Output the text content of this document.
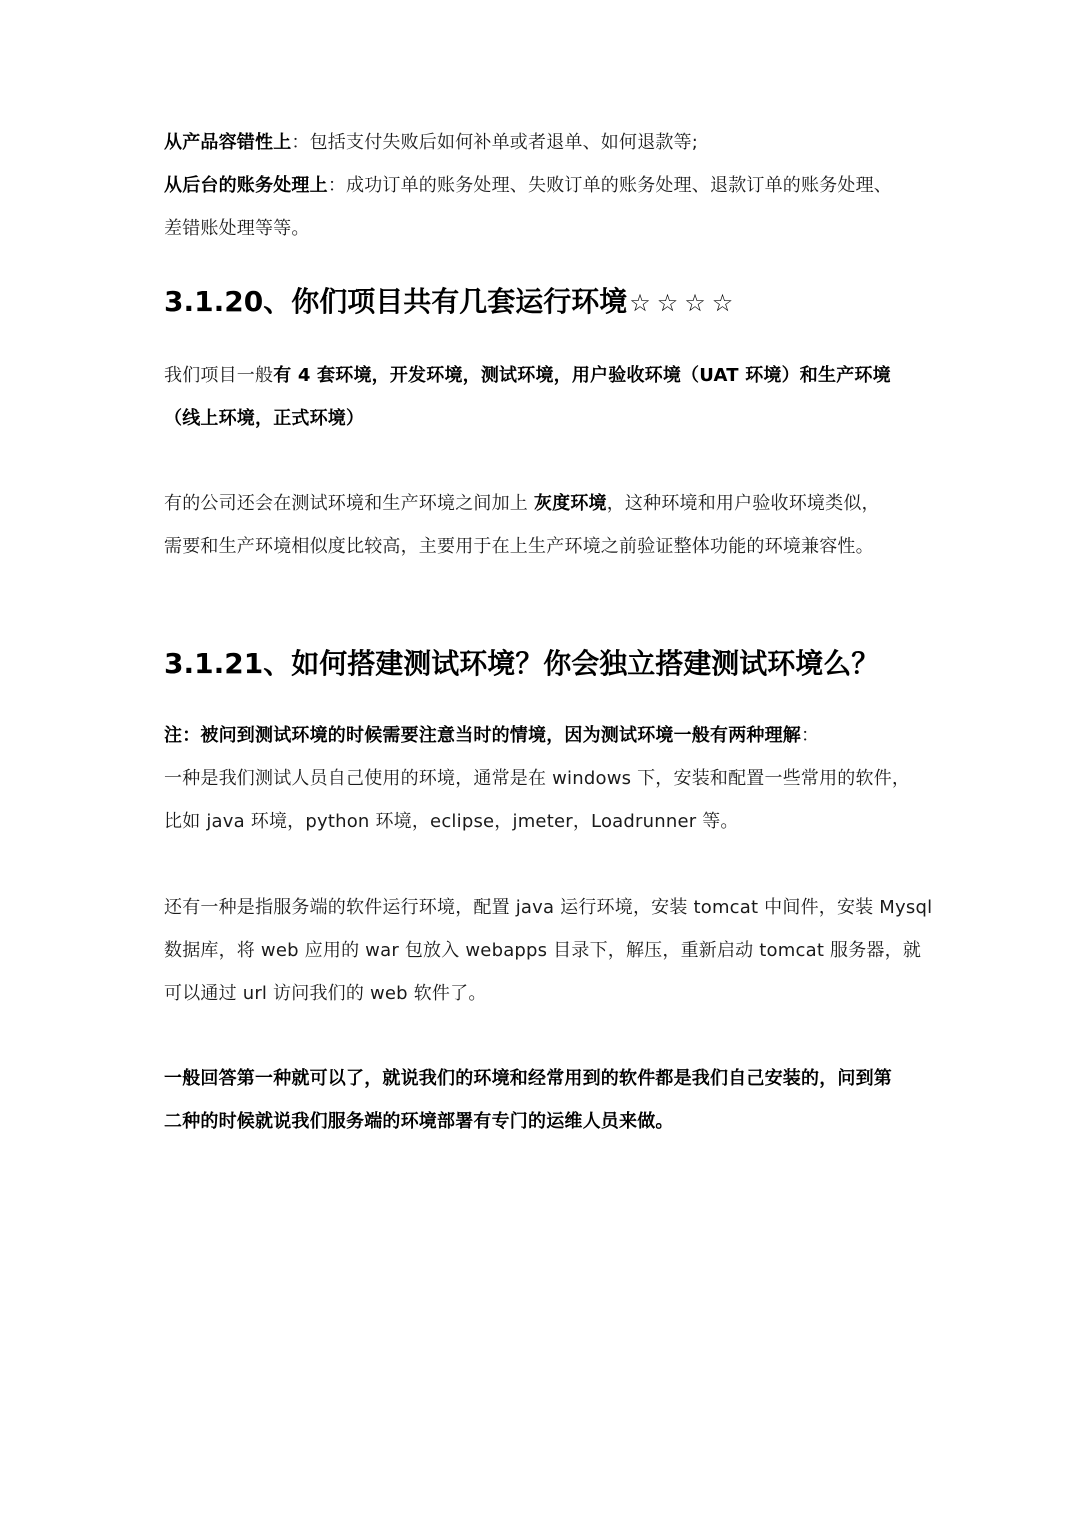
从产品容错性上：包括支付失败后如何补单或者退单、如何退款等;
从后台的账务处理上：成功订单的账务处理、失败订单的账务处理、退款订单的账务处理、
差错账处理等等。
3.1.20、你们项目共有几套运行环境☆☆☆☆
我们项目一般有 4 套环境，开发环境，测试环境，用户验收环境（UAT 环境）和生产环境
（线上环境，正式环境）
有的公司还会在测试环境和生产环境之间加上 灰度环境，这种环境和用户验收环境类似，
需要和生产环境相似度比较高，主要用于在上生产环境之前验证整体功能的环境兼容性。
3.1.21、如何搭建测试环境？你会独立搭建测试环境么？
注：被问到测试环境的时候需要注意当时的情境，因为测试环境一般有两种理解：
一种是我们测试人员自己使用的环境，通常是在 windows 下，安装和配置一些常用的软件，
比如 java 环境，python 环境，eclipse，jmeter，Loadrunner 等。
还有一种是指服务端的软件运行环境，配置 java 运行环境，安装 tomcat 中间件，安装 Mysql
数据库，将 web 应用的 war 包放入 webapps 目录下，解压，重新启动 tomcat 服务器，就
可以通过 url 访问我们的 web 软件了。
一般回答第一种就可以了，就说我们的环境和经常用到的软件都是我们自己安装的，问到第
二种的时候就说我们服务端的环境部署有专门的运维人员来做。
